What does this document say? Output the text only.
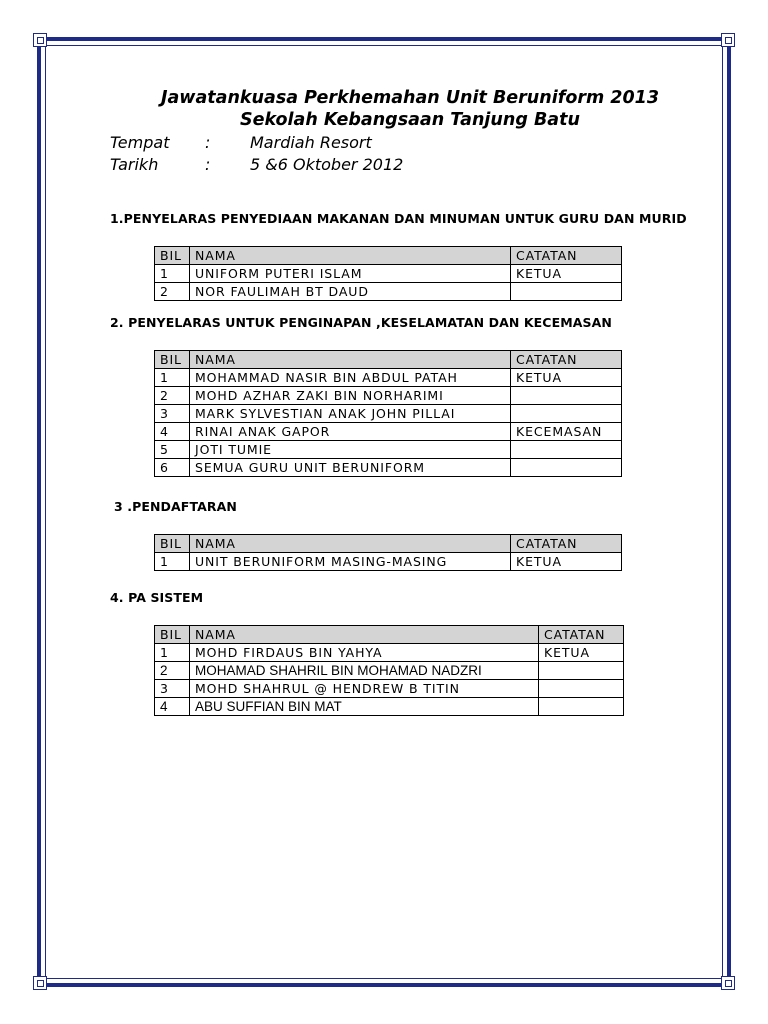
Jawatankuasa Perkhemahan Unit Beruniform 2013
Sekolah Kebangsaan Tanjung Batu
Tempat : Mardiah Resort
Tarikh	: 5 &6 Oktober 2012
1.PENYELARAS PENYEDIAAN MAKANAN DAN MINUMAN UNTUK GURU DAN MURID
BIL	NAMA	CATATAN
1	UNIFORM PUTERI ISLAM	KETUA
2	NOR FAULIMAH BT DAUD	
2. PENYELARAS UNTUK PENGINAPAN ,KESELAMATAN DAN KECEMASAN
BIL	NAMA	CATATAN
1	MOHAMMAD NASIR BIN ABDUL PATAH	KETUA
2	MOHD AZHAR ZAKI BIN NORHARIMI	
3	MARK SYLVESTIAN ANAK JOHN PILLAI	
4	RINAI ANAK GAPOR	KECEMASAN
5	JOTI TUMIE	
6	SEMUA GURU UNIT BERUNIFORM	
3 .PENDAFTARAN
BIL	NAMA	CATATAN
1	UNIT BERUNIFORM MASING-MASING	KETUA
4. PA SISTEM
BIL	NAMA	CATATAN
1	MOHD FIRDAUS BIN YAHYA	KETUA
2	MOHAMAD SHAHRIL BIN MOHAMAD NADZRI	
3	MOHD SHAHRUL @ HENDREW B TITIN	
4	ABU SUFFIAN BIN MAT	
